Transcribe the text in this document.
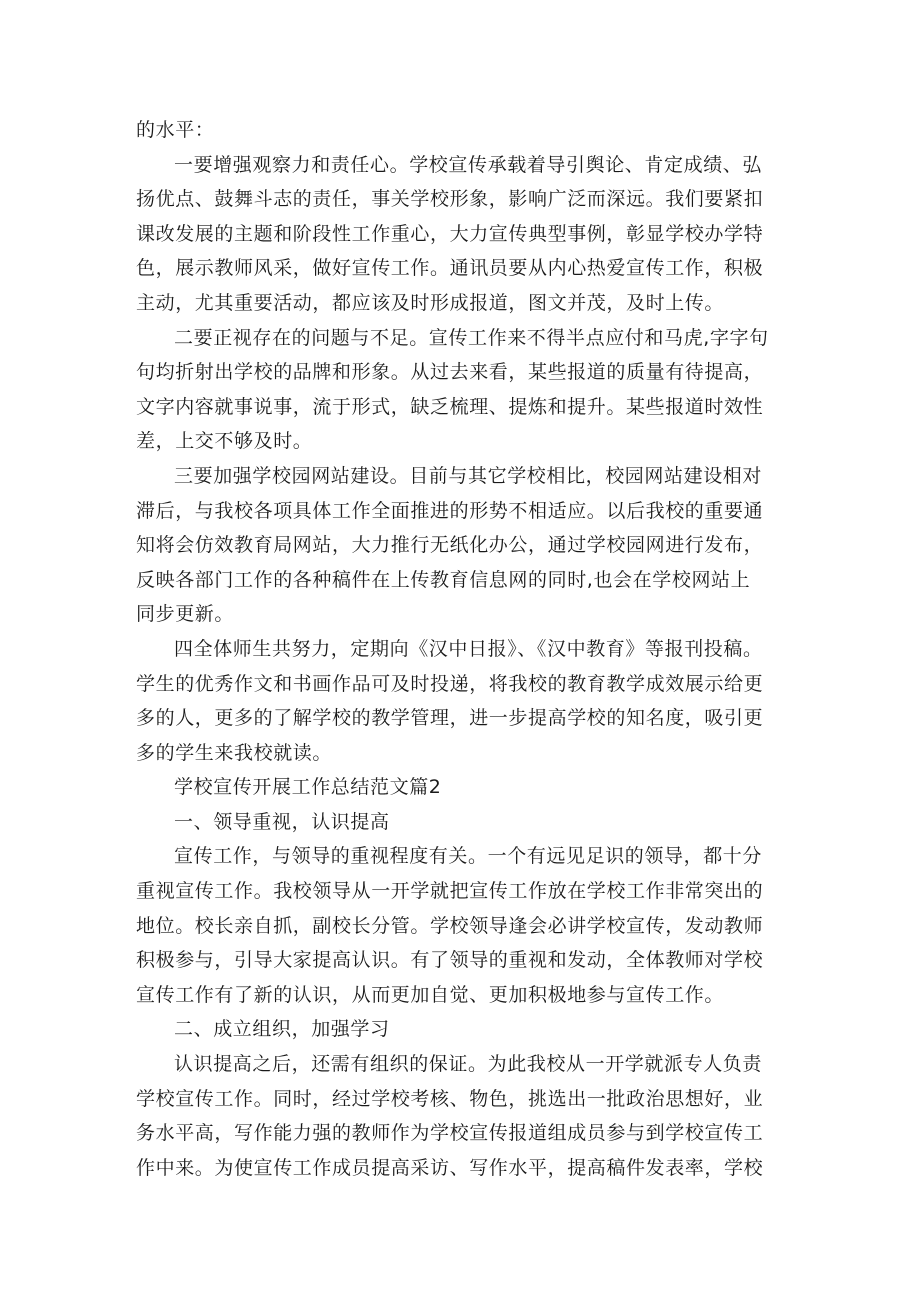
的水平：
一要增强观察力和责任心。学校宣传承载着导引舆论、肯定成绩、弘
扬优点、鼓舞斗志的责任，事关学校形象，影响广泛而深远。我们要紧扣
课改发展的主题和阶段性工作重心，大力宣传典型事例，彰显学校办学特
色，展示教师风采，做好宣传工作。通讯员要从内心热爱宣传工作，积极
主动，尤其重要活动，都应该及时形成报道，图文并茂，及时上传。
二要正视存在的问题与不足。宣传工作来不得半点应付和马虎,字字句
句均折射出学校的品牌和形象。从过去来看，某些报道的质量有待提高，
文字内容就事说事，流于形式，缺乏梳理、提炼和提升。某些报道时效性
差，上交不够及时。
三要加强学校园网站建设。目前与其它学校相比，校园网站建设相对
滞后，与我校各项具体工作全面推进的形势不相适应。以后我校的重要通
知将会仿效教育局网站，大力推行无纸化办公，通过学校园网进行发布，
反映各部门工作的各种稿件在上传教育信息网的同时,也会在学校网站上
同步更新。
四全体师生共努力，定期向《汉中日报》、《汉中教育》等报刊投稿。
学生的优秀作文和书画作品可及时投递，将我校的教育教学成效展示给更
多的人，更多的了解学校的教学管理，进一步提高学校的知名度，吸引更
多的学生来我校就读。
学校宣传开展工作总结范文篇2
一、领导重视，认识提高
宣传工作，与领导的重视程度有关。一个有远见足识的领导，都十分
重视宣传工作。我校领导从一开学就把宣传工作放在学校工作非常突出的
地位。校长亲自抓，副校长分管。学校领导逢会必讲学校宣传，发动教师
积极参与，引导大家提高认识。有了领导的重视和发动，全体教师对学校
宣传工作有了新的认识，从而更加自觉、更加积极地参与宣传工作。
二、成立组织，加强学习
认识提高之后，还需有组织的保证。为此我校从一开学就派专人负责
学校宣传工作。同时，经过学校考核、物色，挑选出一批政治思想好，业
务水平高，写作能力强的教师作为学校宣传报道组成员参与到学校宣传工
作中来。为使宣传工作成员提高采访、写作水平，提高稿件发表率，学校
